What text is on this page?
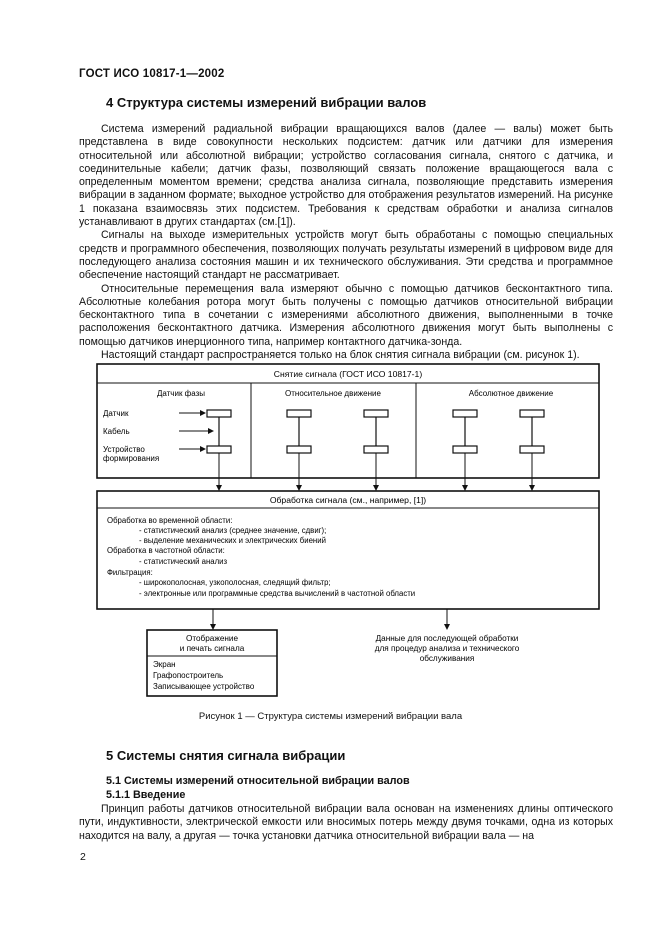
ГОСТ ИСО 10817-1—2002
4 Структура системы измерений вибрации валов

Система измерений радиальной вибрации вращающихся валов (далее — валы) может быть представлена в виде совокупности нескольких подсистем: датчик или датчики для измерения относительной или абсолютной вибрации; устройство согласования сигнала, снятого с датчика, и соединительные кабели; датчик фазы, позволяющий связать положение вращающегося вала с определенным моментом времени; средства анализа сигнала, позволяющие представить измерения вибрации в заданном формате; выходное устройство для отображения результатов измерений. На рисунке 1 показана взаимосвязь этих подсистем. Требования к средствам обработки и анализа сигналов устанавливают в других стандартах (см.[1]).

Сигналы на выходе измерительных устройств могут быть обработаны с помощью специальных средств и программного обеспечения, позволяющих получать результаты измерений в цифровом виде для последующего анализа состояния машин и их технического обслуживания. Эти средства и программное обеспечение настоящий стандарт не рассматривает.

Относительные перемещения вала измеряют обычно с помощью датчиков бесконтактного типа. Абсолютные колебания ротора могут быть получены с помощью датчиков относительной вибрации бесконтактного типа в сочетании с измерениями абсолютного движения, выполненными в точке расположения бесконтактного датчика. Измерения абсолютного движения могут быть выполнены с помощью датчиков инерционного типа, например контактного датчика-зонда.

Настоящий стандарт распространяется только на блок снятия сигнала вибрации (см. рисунок 1).

Снятие сигнала (ГОСТ ИСО 10817-1)
Датчик фазы	Относительное движение	Абсолютное движение
Датчик
Кабель
Устройство
формирования
Обработка сигнала (см., например, [1])
Обработка во временной области:
- статистический анализ (среднее значение, сдвиг);
- выделение механических и электрических биений
Обработка в частотной области:
- статистический анализ
Фильтрация:
- широкополосная, узкополосная, следящий фильтр;
- электронные или программные средства вычислений в частотной области
Отображение
и печать сигнала
Экран
Графопостроитель
Записывающее устройство
Данные для последующей обработки
для процедур анализа и технического
обслуживания
Рисунок 1 — Структура системы измерений вибрации вала
5 Системы снятия сигнала вибрации
5.1 Системы измерений относительной вибрации валов
5.1.1 Введение

Принцип работы датчиков относительной вибрации вала основан на изменениях длины оптического пути, индуктивности, электрической емкости или вносимых потерь между двумя точками, одна из которых находится на валу, а другая — точка установки датчика относительной вибрации вала — на

2
